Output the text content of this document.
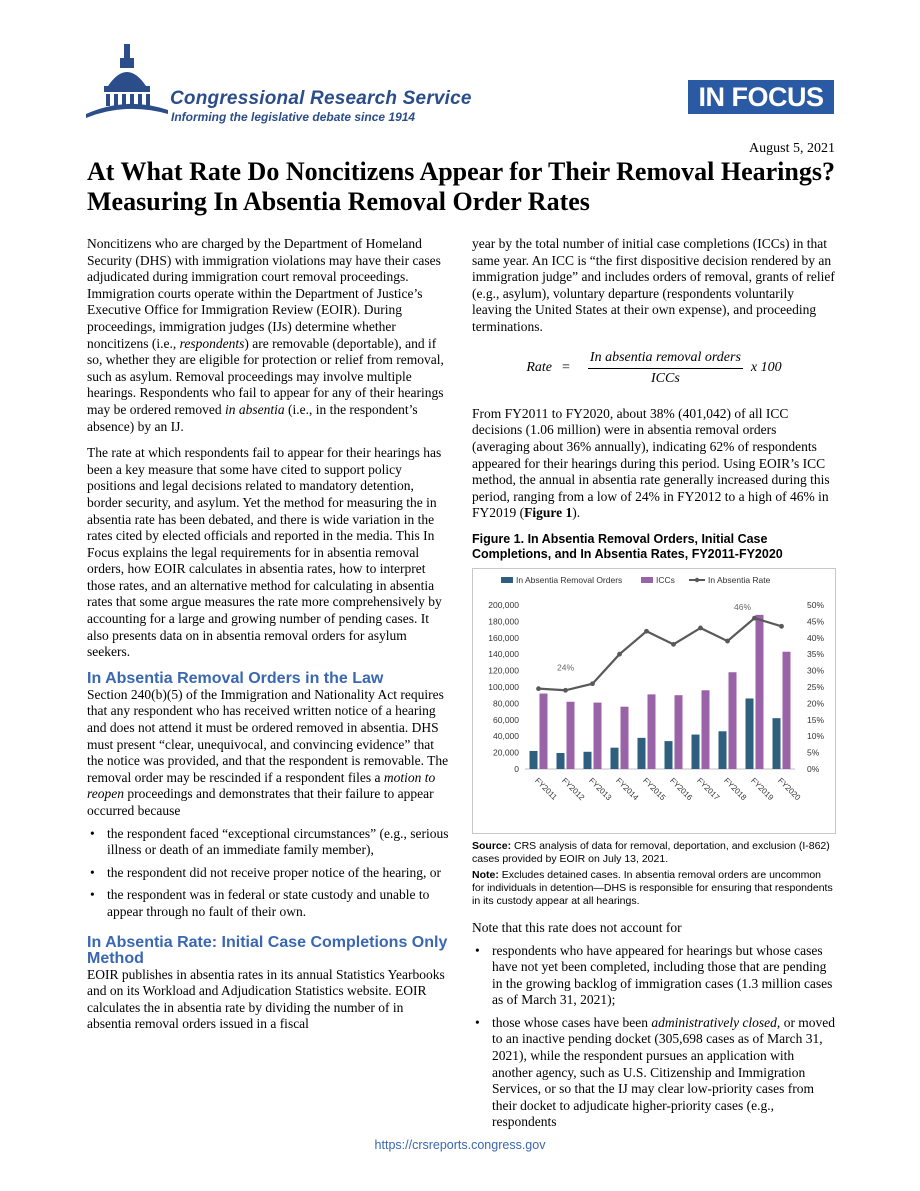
Congressional Research Service
Informing the legislative debate since 1914
IN FOCUS
August 5, 2021
At What Rate Do Noncitizens Appear for Their Removal Hearings? Measuring In Absentia Removal Order Rates

Noncitizens who are charged by the Department of Homeland Security (DHS) with immigration violations may have their cases adjudicated during immigration court removal proceedings. Immigration courts operate within the Department of Justice’s Executive Office for Immigration Review (EOIR). During proceedings, immigration judges (IJs) determine whether noncitizens (i.e., respondents) are removable (deportable), and if so, whether they are eligible for protection or relief from removal, such as asylum. Removal proceedings may involve multiple hearings. Respondents who fail to appear for any of their hearings may be ordered removed in absentia (i.e., in the respondent’s absence) by an IJ.

The rate at which respondents fail to appear for their hearings has been a key measure that some have cited to support policy positions and legal decisions related to mandatory detention, border security, and asylum. Yet the method for measuring the in absentia rate has been debated, and there is wide variation in the rates cited by elected officials and reported in the media. This In Focus explains the legal requirements for in absentia removal orders, how EOIR calculates in absentia rates, how to interpret those rates, and an alternative method for calculating in absentia rates that some argue measures the rate more comprehensively by accounting for a large and growing number of pending cases. It also presents data on in absentia removal orders for asylum seekers.

In Absentia Removal Orders in the Law

Section 240(b)(5) of the Immigration and Nationality Act requires that any respondent who has received written notice of a hearing and does not attend it must be ordered removed in absentia. DHS must present “clear, unequivocal, and convincing evidence” that the notice was provided, and that the respondent is removable. The removal order may be rescinded if a respondent files a motion to reopen proceedings and demonstrates that their failure to appear occurred because

• the respondent faced “exceptional circumstances” (e.g., serious illness or death of an immediate family member),
• the respondent did not receive proper notice of the hearing, or
• the respondent was in federal or state custody and unable to appear through no fault of their own.
In Absentia Rate: Initial Case Completions Only Method

EOIR publishes in absentia rates in its annual Statistics Yearbooks and on its Workload and Adjudication Statistics website. EOIR calculates the in absentia rate by dividing the number of in absentia removal orders issued in a fiscal

year by the total number of initial case completions (ICCs) in that same year. An ICC is “the first dispositive decision rendered by an immigration judge” and includes orders of removal, grants of relief (e.g., asylum), voluntary departure (respondents voluntarily leaving the United States at their own expense), and proceeding terminations.

Rate = $\frac{\text{In absentia removal orders}}{\text{ICCs}}$ x 100

From FY2011 to FY2020, about 38% (401,042) of all ICC decisions (1.06 million) were in absentia removal orders (averaging about 36% annually), indicating 62% of respondents appeared for their hearings during this period. Using EOIR’s ICC method, the annual in absentia rate generally increased during this period, ranging from a low of 24% in FY2012 to a high of 46% in FY2019 (Figure 1).

Figure 1. In Absentia Removal Orders, Initial Case Completions, and In Absentia Rates, FY2011-FY2020
0
20,000
40,000
60,000
80,000
100,000
120,000
140,000
160,000
180,000
200,000
0%
5%
10%
15%
20%
25%
30%
35%
40%
45%
50%
FY2011 FY2012 FY2013 FY2014 FY2015 FY2016 FY2017 FY2018 FY2019 FY2020
24%
46%
In Absentia Removal Orders	ICCs	In Absentia Rate
Source: CRS analysis of data for removal, deportation, and exclusion (I-862) cases provided by EOIR on July 13, 2021.
Note: Excludes detained cases. In absentia removal orders are uncommon for individuals in detention—DHS is responsible for ensuring that respondents in its custody appear at all hearings.

Note that this rate does not account for

• respondents who have appeared for hearings but whose cases have not yet been completed, including those that are pending in the growing backlog of immigration cases (1.3 million cases as of March 31, 2021);
• those whose cases have been administratively closed, or moved to an inactive pending docket (305,698 cases as of March 31, 2021), while the respondent pursues an application with another agency, such as U.S. Citizenship and Immigration Services, or so that the IJ may clear low-priority cases from their docket to adjudicate higher-priority cases (e.g., respondents
https://crsreports.congress.gov
